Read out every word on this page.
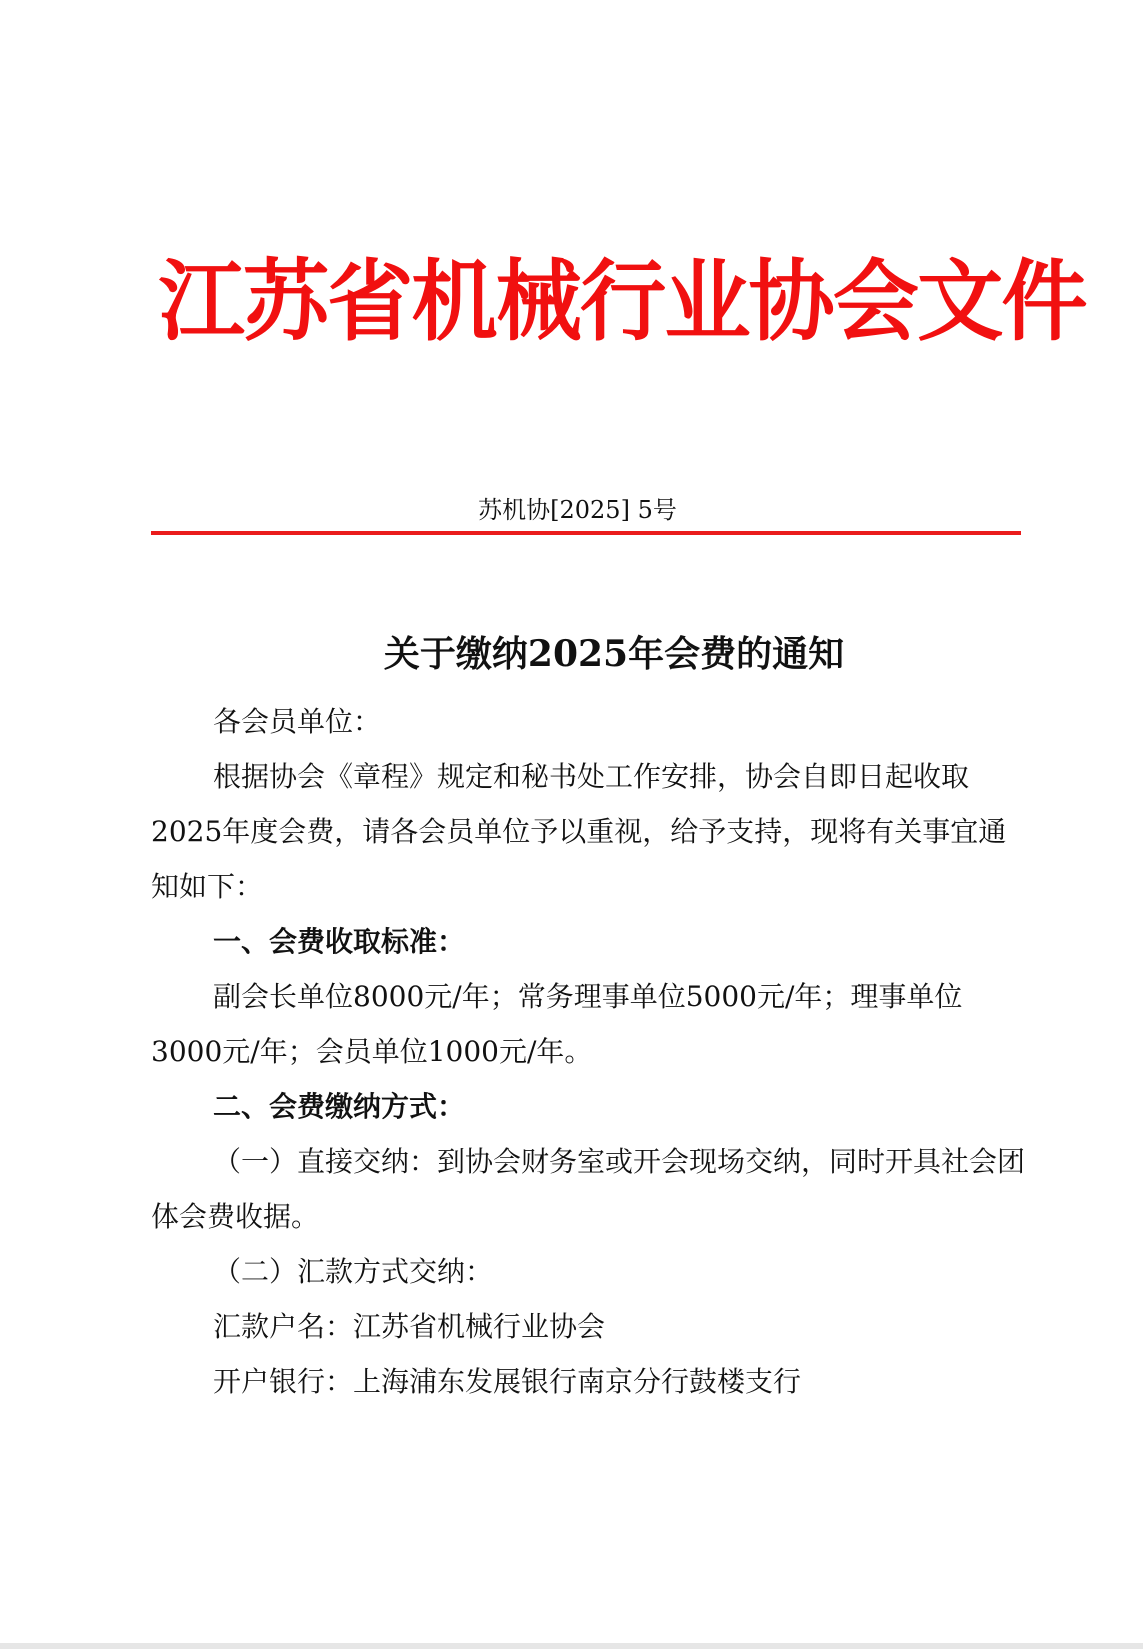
江苏省机械行业协会文件
苏机协[2025] 5号
关于缴纳2025年会费的通知

各会员单位：

根据协会《章程》规定和秘书处工作安排，协会自即日起收取2025年度会费，请各会员单位予以重视，给予支持，现将有关事宜通知如下：

一、会费收取标准：

副会长单位8000元/年；常务理事单位5000元/年；理事单位3000元/年；会员单位1000元/年。

二、会费缴纳方式：

（一）直接交纳：到协会财务室或开会现场交纳，同时开具社会团体会费收据。

（二）汇款方式交纳：

汇款户名：江苏省机械行业协会

开户银行：上海浦东发展银行南京分行鼓楼支行
